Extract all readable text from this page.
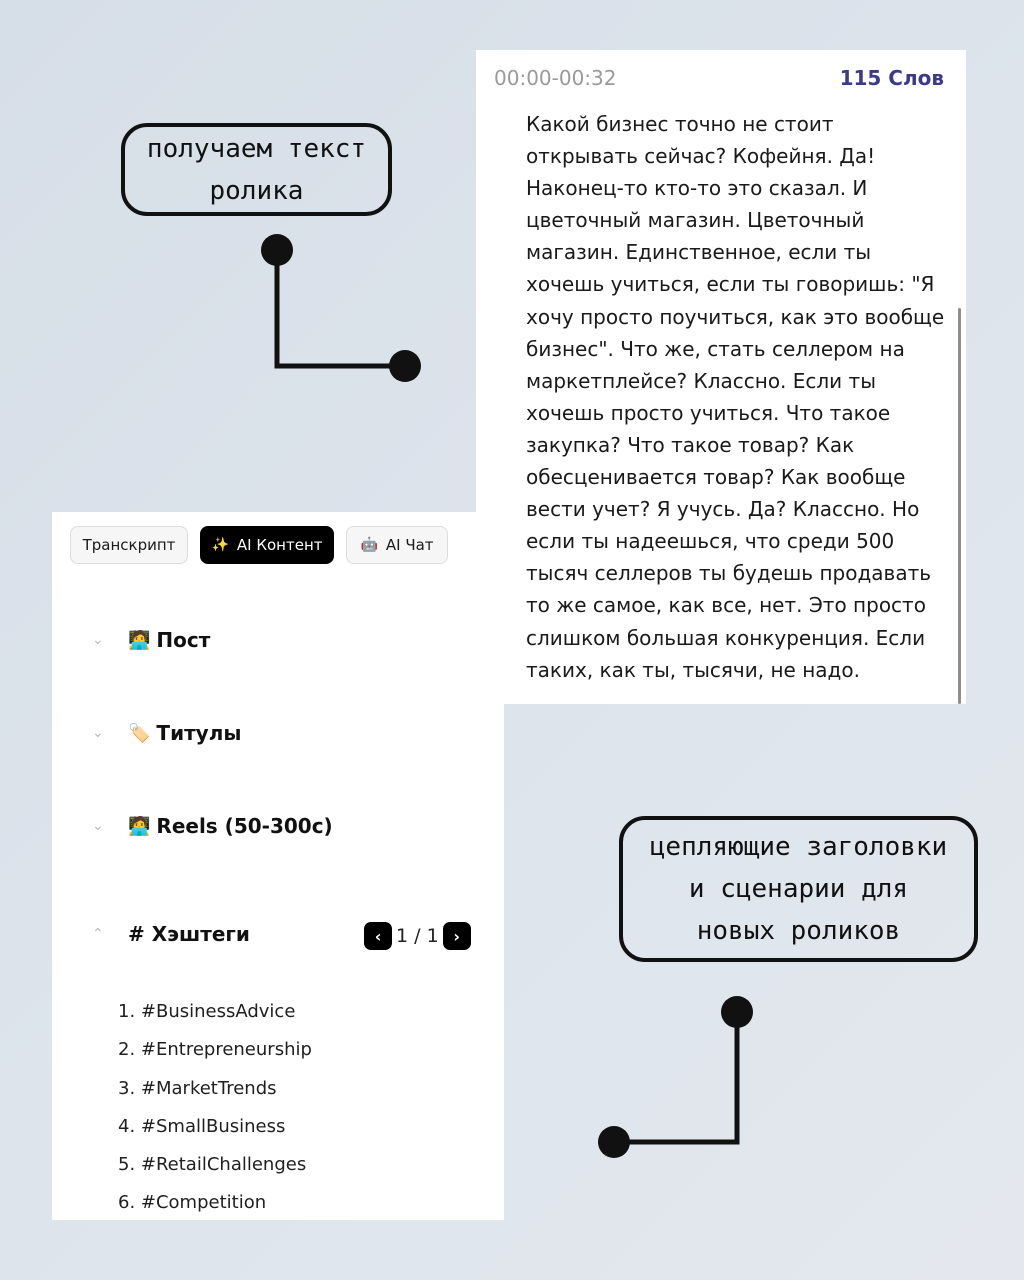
00:00-00:32	115 Слов
Какой бизнес точно не стоит открывать сейчас? Кофейня. Да! Наконец-то кто-то это сказал. И цветочный магазин. Цветочный магазин. Единственное, если ты хочешь учиться, если ты говоришь: "Я хочу просто поучиться, как это вообще бизнес". Что же, стать селлером на маркетплейсе? Классно. Если ты хочешь просто учиться. Что такое закупка? Что такое товар? Как обесценивается товар? Как вообще вести учет? Я учусь. Да? Классно. Но если ты надеешься, что среди 500 тысяч селлеров ты будешь продавать то же самое, как все, нет. Это просто слишком большая конкуренция. Если таких, как ты, тысячи, не надо.
Транскрипт	✨ AI Контент	🤖 AI Чат
⌄	🧑‍💻 Пост
⌄	🏷️ Титулы
⌄	🧑‍💻 Reels (50-300с)
⌃	# Хэштеги	‹ 1 / 1 ›
1. #BusinessAdvice
2. #Entrepreneurship
3. #MarketTrends
4. #SmallBusiness
5. #RetailChallenges
6. #Competition
получаем текст
ролика
цепляющие заголовки
и сценарии для
новых роликов
